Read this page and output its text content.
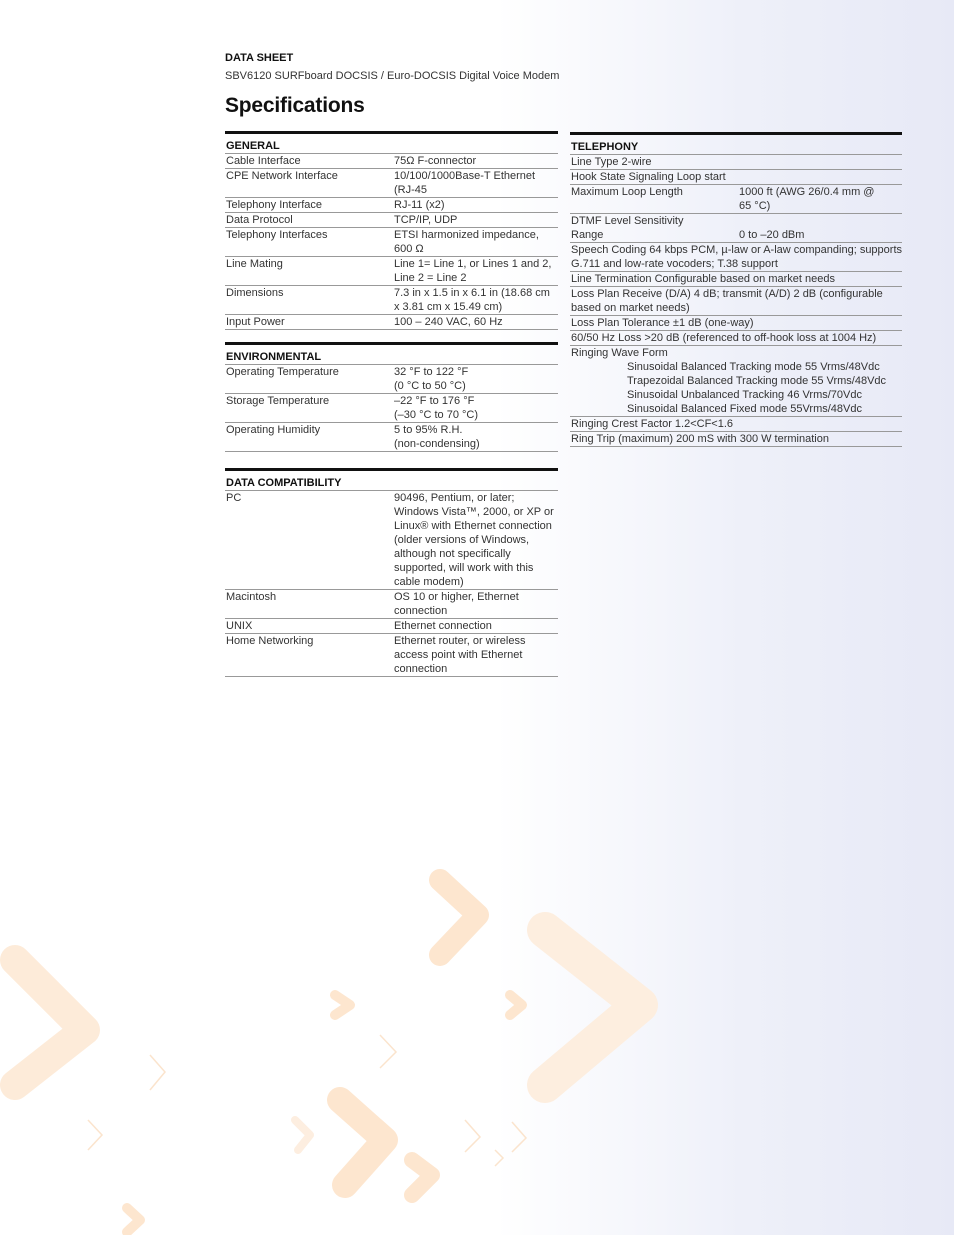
DATA SHEET
SBV6120 SURFboard DOCSIS / Euro-DOCSIS Digital Voice Modem
Specifications
GENERAL
Cable Interface	75Ω F-connector
CPE Network Interface	10/100/1000Base-T Ethernet (RJ-45
Telephony Interface	RJ-11 (x2)
Data Protocol	TCP/IP, UDP
Telephony Interfaces	ETSI harmonized impedance, 600 Ω
Line Mating	Line 1= Line 1, or Lines 1 and 2, Line 2 = Line 2
Dimensions	7.3 in x 1.5 in x 6.1 in (18.68 cm x 3.81 cm x 15.49 cm)
Input Power	100 – 240 VAC, 60 Hz
ENVIRONMENTAL
Operating Temperature	32 °F to 122 °F
(0 °C to 50 °C)
Storage Temperature	–22 °F to 176 °F
(–30 °C to 70 °C)
Operating Humidity	5 to 95% R.H.
(non-condensing)
DATA COMPATIBILITY
PC	90496, Pentium, or later; Windows Vista™, 2000, or XP or Linux® with Ethernet connection (older versions of Windows, although not specifically supported, will work with this cable modem)
Macintosh	OS 10 or higher, Ethernet connection
UNIX	Ethernet connection
Home Networking	Ethernet router, or wireless access point with Ethernet connection
TELEPHONY
Line Type 2-wire
Hook State Signaling Loop start
Maximum Loop Length	1000 ft (AWG 26/0.4 mm @ 65 °C)
DTMF Level Sensitivity
Range	0 to –20 dBm
Speech Coding 64 kbps PCM, µ-law or A-law companding; supports G.711 and low-rate vocoders; T.38 support
Line Termination Configurable based on market needs
Loss Plan Receive (D/A) 4 dB; transmit (A/D) 2 dB (configurable based on market needs)
Loss Plan Tolerance ±1 dB (one-way)
60/50 Hz Loss >20 dB (referenced to off-hook loss at 1004 Hz)
Ringing Wave Form
Sinusoidal Balanced Tracking mode 55 Vrms/48Vdc
Trapezoidal Balanced Tracking mode 55 Vrms/48Vdc
Sinusoidal Unbalanced Tracking 46 Vrms/70Vdc
Sinusoidal Balanced Fixed mode 55Vrms/48Vdc
Ringing Crest Factor 1.2<CF<1.6
Ring Trip (maximum) 200 mS with 300 W termination
